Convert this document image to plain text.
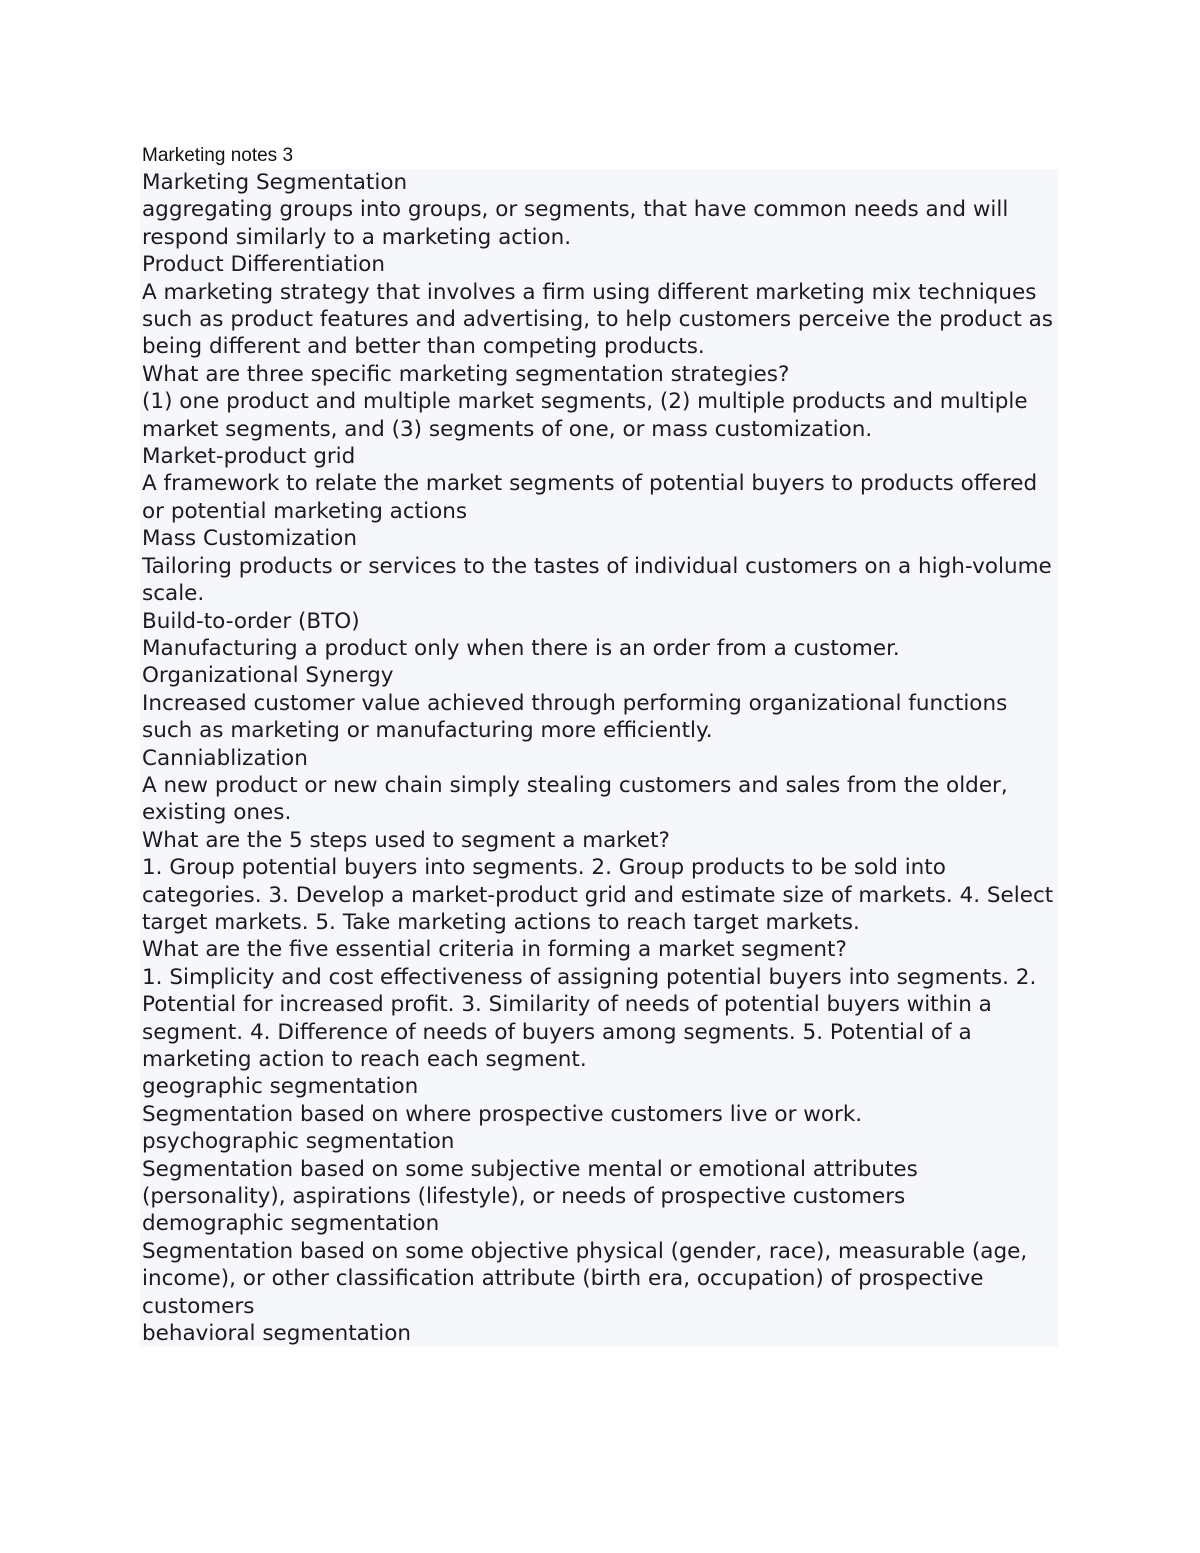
Marketing notes 3

Marketing Segmentation

aggregating groups into groups, or segments, that have common needs and will respond similarly to a marketing action.

Product Differentiation

A marketing strategy that involves a firm using different marketing mix techniques such as product features and advertising, to help customers perceive the product as being different and better than competing products.

What are three specific marketing segmentation strategies?

(1) one product and multiple market segments, (2) multiple products and multiple market segments, and (3) segments of one, or mass customization.

Market-product grid

A framework to relate the market segments of potential buyers to products offered or potential marketing actions

Mass Customization

Tailoring products or services to the tastes of individual customers on a high-volume scale.

Build-to-order (BTO)

Manufacturing a product only when there is an order from a customer.

Organizational Synergy

Increased customer value achieved through performing organizational functions such as marketing or manufacturing more efficiently.

Canniablization

A new product or new chain simply stealing customers and sales from the older, existing ones.

What are the 5 steps used to segment a market?

1. Group potential buyers into segments. 2. Group products to be sold into categories. 3. Develop a market-product grid and estimate size of markets. 4. Select target markets. 5. Take marketing actions to reach target markets.

What are the five essential criteria in forming a market segment?

1. Simplicity and cost effectiveness of assigning potential buyers into segments. 2. Potential for increased profit. 3. Similarity of needs of potential buyers within a segment. 4. Difference of needs of buyers among segments. 5. Potential of a marketing action to reach each segment.

geographic segmentation

Segmentation based on where prospective customers live or work.

psychographic segmentation

Segmentation based on some subjective mental or emotional attributes (personality), aspirations (lifestyle), or needs of prospective customers

demographic segmentation

Segmentation based on some objective physical (gender, race), measurable (age, income), or other classification attribute (birth era, occupation) of prospective customers

behavioral segmentation
